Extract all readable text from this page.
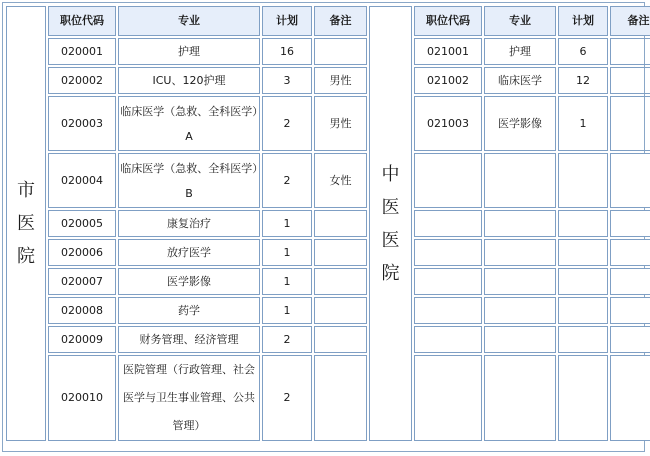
市医院	职位代码	专业	计划	备注	中医医院	职位代码	专业	计划	备注
	020001	护理	16			021001	护理	6	
	020002	ICU、120护理	3	男性		021002	临床医学	12	
	020003	临床医学（急救、全科医学）A	2	男性		021003	医学影像	1	
	020004	临床医学（急救、全科医学）B	2	女性					
	020005	康复治疗	1						
	020006	放疗医学	1						
	020007	医学影像	1						
	020008	药学	1						
	020009	财务管理、经济管理	2						
	020010	医院管理（行政管理、社会医学与卫生事业管理、公共管理）	2						
